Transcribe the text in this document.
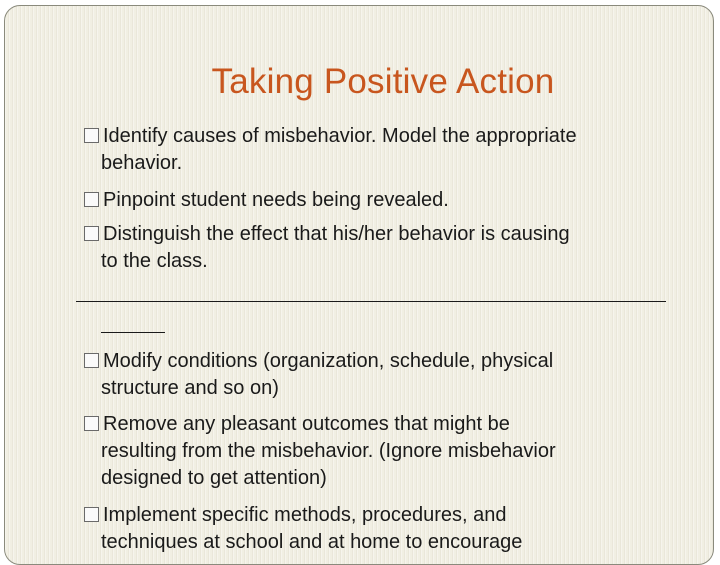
Taking Positive Action
Identify causes of misbehavior. Model the appropriate
behavior.
Pinpoint student needs being revealed.
Distinguish the effect that his/her behavior is causing
to the class.
Modify conditions (organization, schedule, physical
structure and so on)
Remove any pleasant outcomes that might be
resulting from the misbehavior. (Ignore misbehavior
designed to get attention)
Implement specific methods, procedures, and
techniques at school and at home to encourage
